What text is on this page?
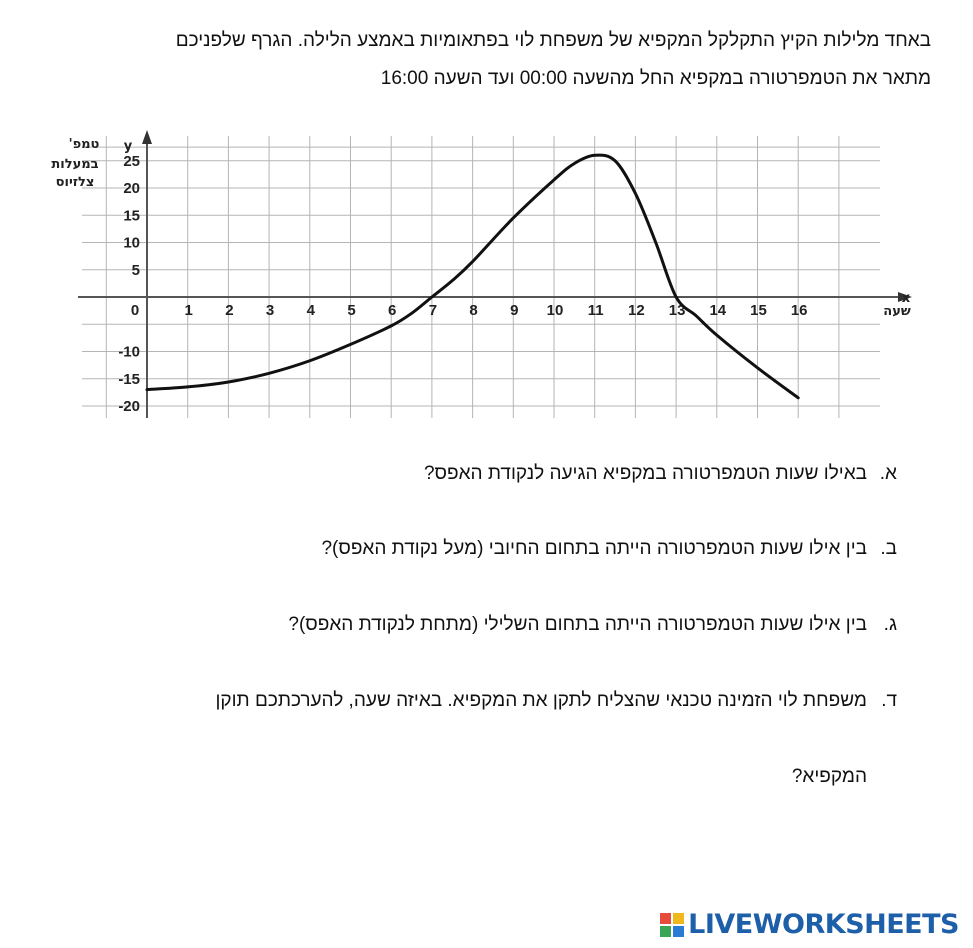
באחד מלילות הקיץ התקלקל המקפיא של משפחת לוי בפתאומיות באמצע הלילה. הגרף שלפניכם
מתאר את הטמפרטורה במקפיא החל מהשעה 00:00 ועד השעה 16:00
0	1 2 3 4 5 6 7 8 9 10 11 12 13 14 15 16
-20
-15
-10
5
10
15
20
25
x
שעה
y
טמפ'
במעלות
צלזיוס
א.באילו שעות הטמפרטורה במקפיא הגיעה לנקודת האפס?
ב.בין אילו שעות הטמפרטורה הייתה בתחום החיובי (מעל נקודת האפס)?
ג.בין אילו שעות הטמפרטורה הייתה בתחום השלילי (מתחת לנקודת האפס)?
ד.משפחת לוי הזמינה טכנאי שהצליח לתקן את המקפיא. באיזה שעה, להערכתכם תוקן
המקפיא?
LIVEWORKSHEETS
